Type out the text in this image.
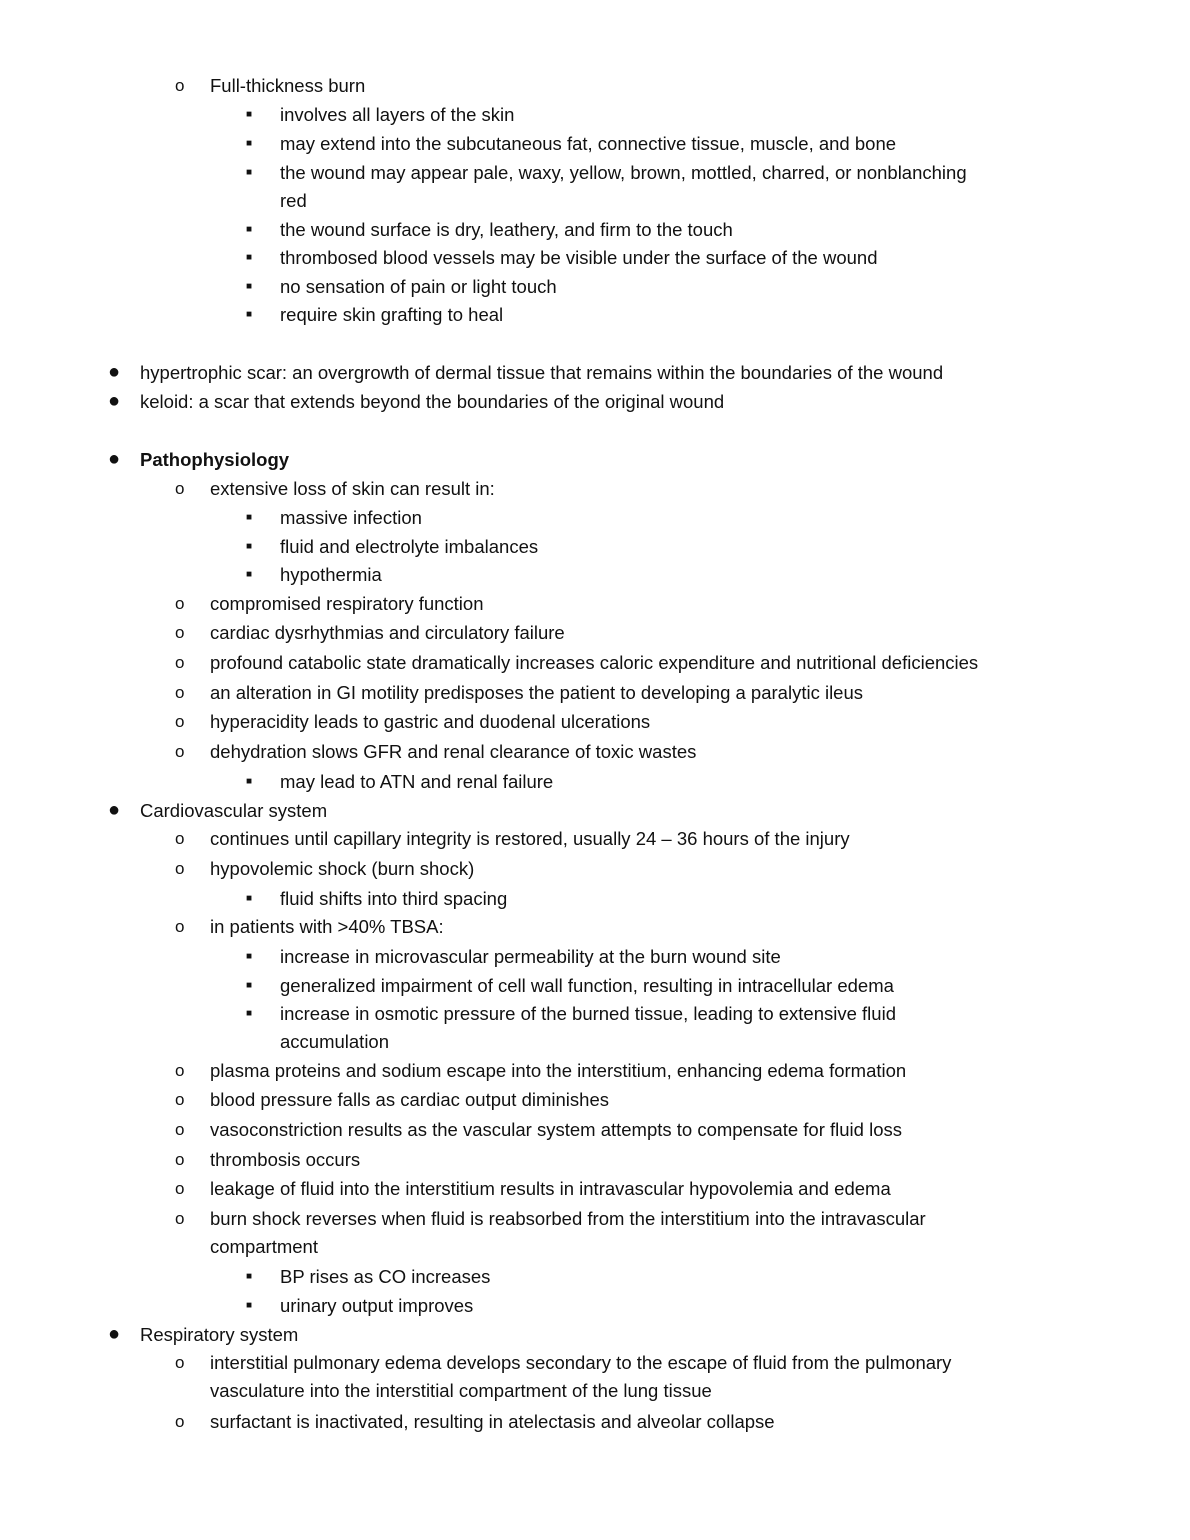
o Full-thickness burn
■ involves all layers of the skin
■ may extend into the subcutaneous fat, connective tissue, muscle, and bone
■ the wound may appear pale, waxy, yellow, brown, mottled, charred, or nonblanching
red
■ the wound surface is dry, leathery, and firm to the touch
■ thrombosed blood vessels may be visible under the surface of the wound
■ no sensation of pain or light touch
■ require skin grafting to heal
● hypertrophic scar: an overgrowth of dermal tissue that remains within the boundaries of the wound
● keloid: a scar that extends beyond the boundaries of the original wound
● Pathophysiology
o extensive loss of skin can result in:
■ massive infection
■ fluid and electrolyte imbalances
■ hypothermia
o compromised respiratory function
o cardiac dysrhythmias and circulatory failure
o profound catabolic state dramatically increases caloric expenditure and nutritional deficiencies
o an alteration in GI motility predisposes the patient to developing a paralytic ileus
o hyperacidity leads to gastric and duodenal ulcerations
o dehydration slows GFR and renal clearance of toxic wastes
■ may lead to ATN and renal failure
● Cardiovascular system
o continues until capillary integrity is restored, usually 24 – 36 hours of the injury
o hypovolemic shock (burn shock)
■ fluid shifts into third spacing
o in patients with >40% TBSA:
■ increase in microvascular permeability at the burn wound site
■ generalized impairment of cell wall function, resulting in intracellular edema
■ increase in osmotic pressure of the burned tissue, leading to extensive fluid
accumulation
o plasma proteins and sodium escape into the interstitium, enhancing edema formation
o blood pressure falls as cardiac output diminishes
o vasoconstriction results as the vascular system attempts to compensate for fluid loss
o thrombosis occurs
o leakage of fluid into the interstitium results in intravascular hypovolemia and edema
o burn shock reverses when fluid is reabsorbed from the interstitium into the intravascular
compartment
■ BP rises as CO increases
■ urinary output improves
● Respiratory system
o interstitial pulmonary edema develops secondary to the escape of fluid from the pulmonary
vasculature into the interstitial compartment of the lung tissue
o surfactant is inactivated, resulting in atelectasis and alveolar collapse
